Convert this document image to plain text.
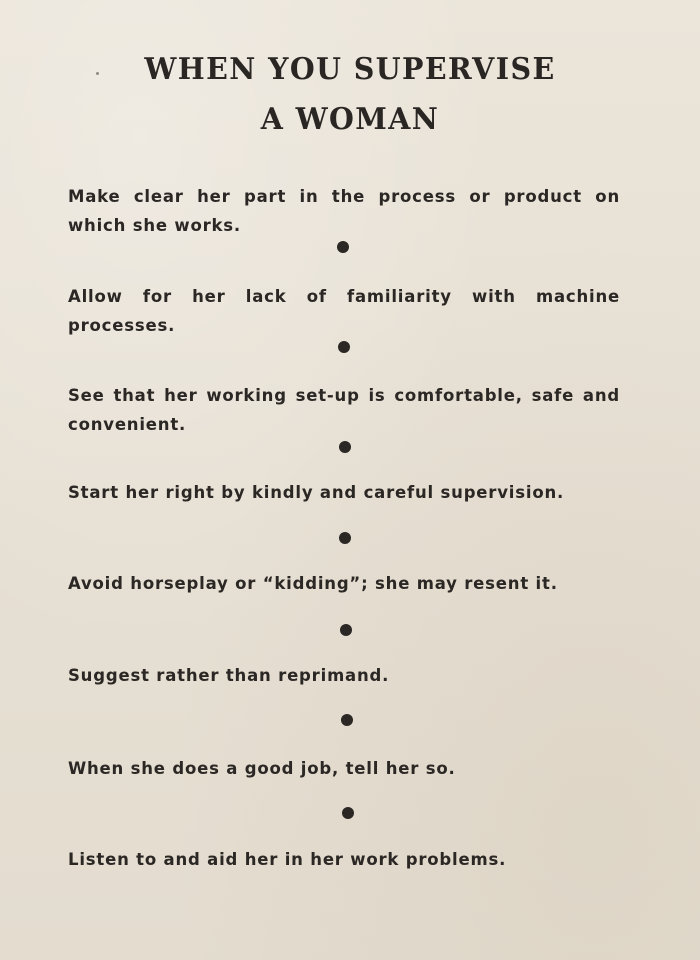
WHEN YOU SUPERVISE
A WOMAN
Make clear her part in the process or product on which she works.
Allow for her lack of familiarity with machine processes.
See that her working set-up is comfortable, safe and convenient.
Start her right by kindly and careful supervision.
Avoid horseplay or “kidding”; she may resent it.
Suggest rather than reprimand.
When she does a good job, tell her so.
Listen to and aid her in her work problems.
